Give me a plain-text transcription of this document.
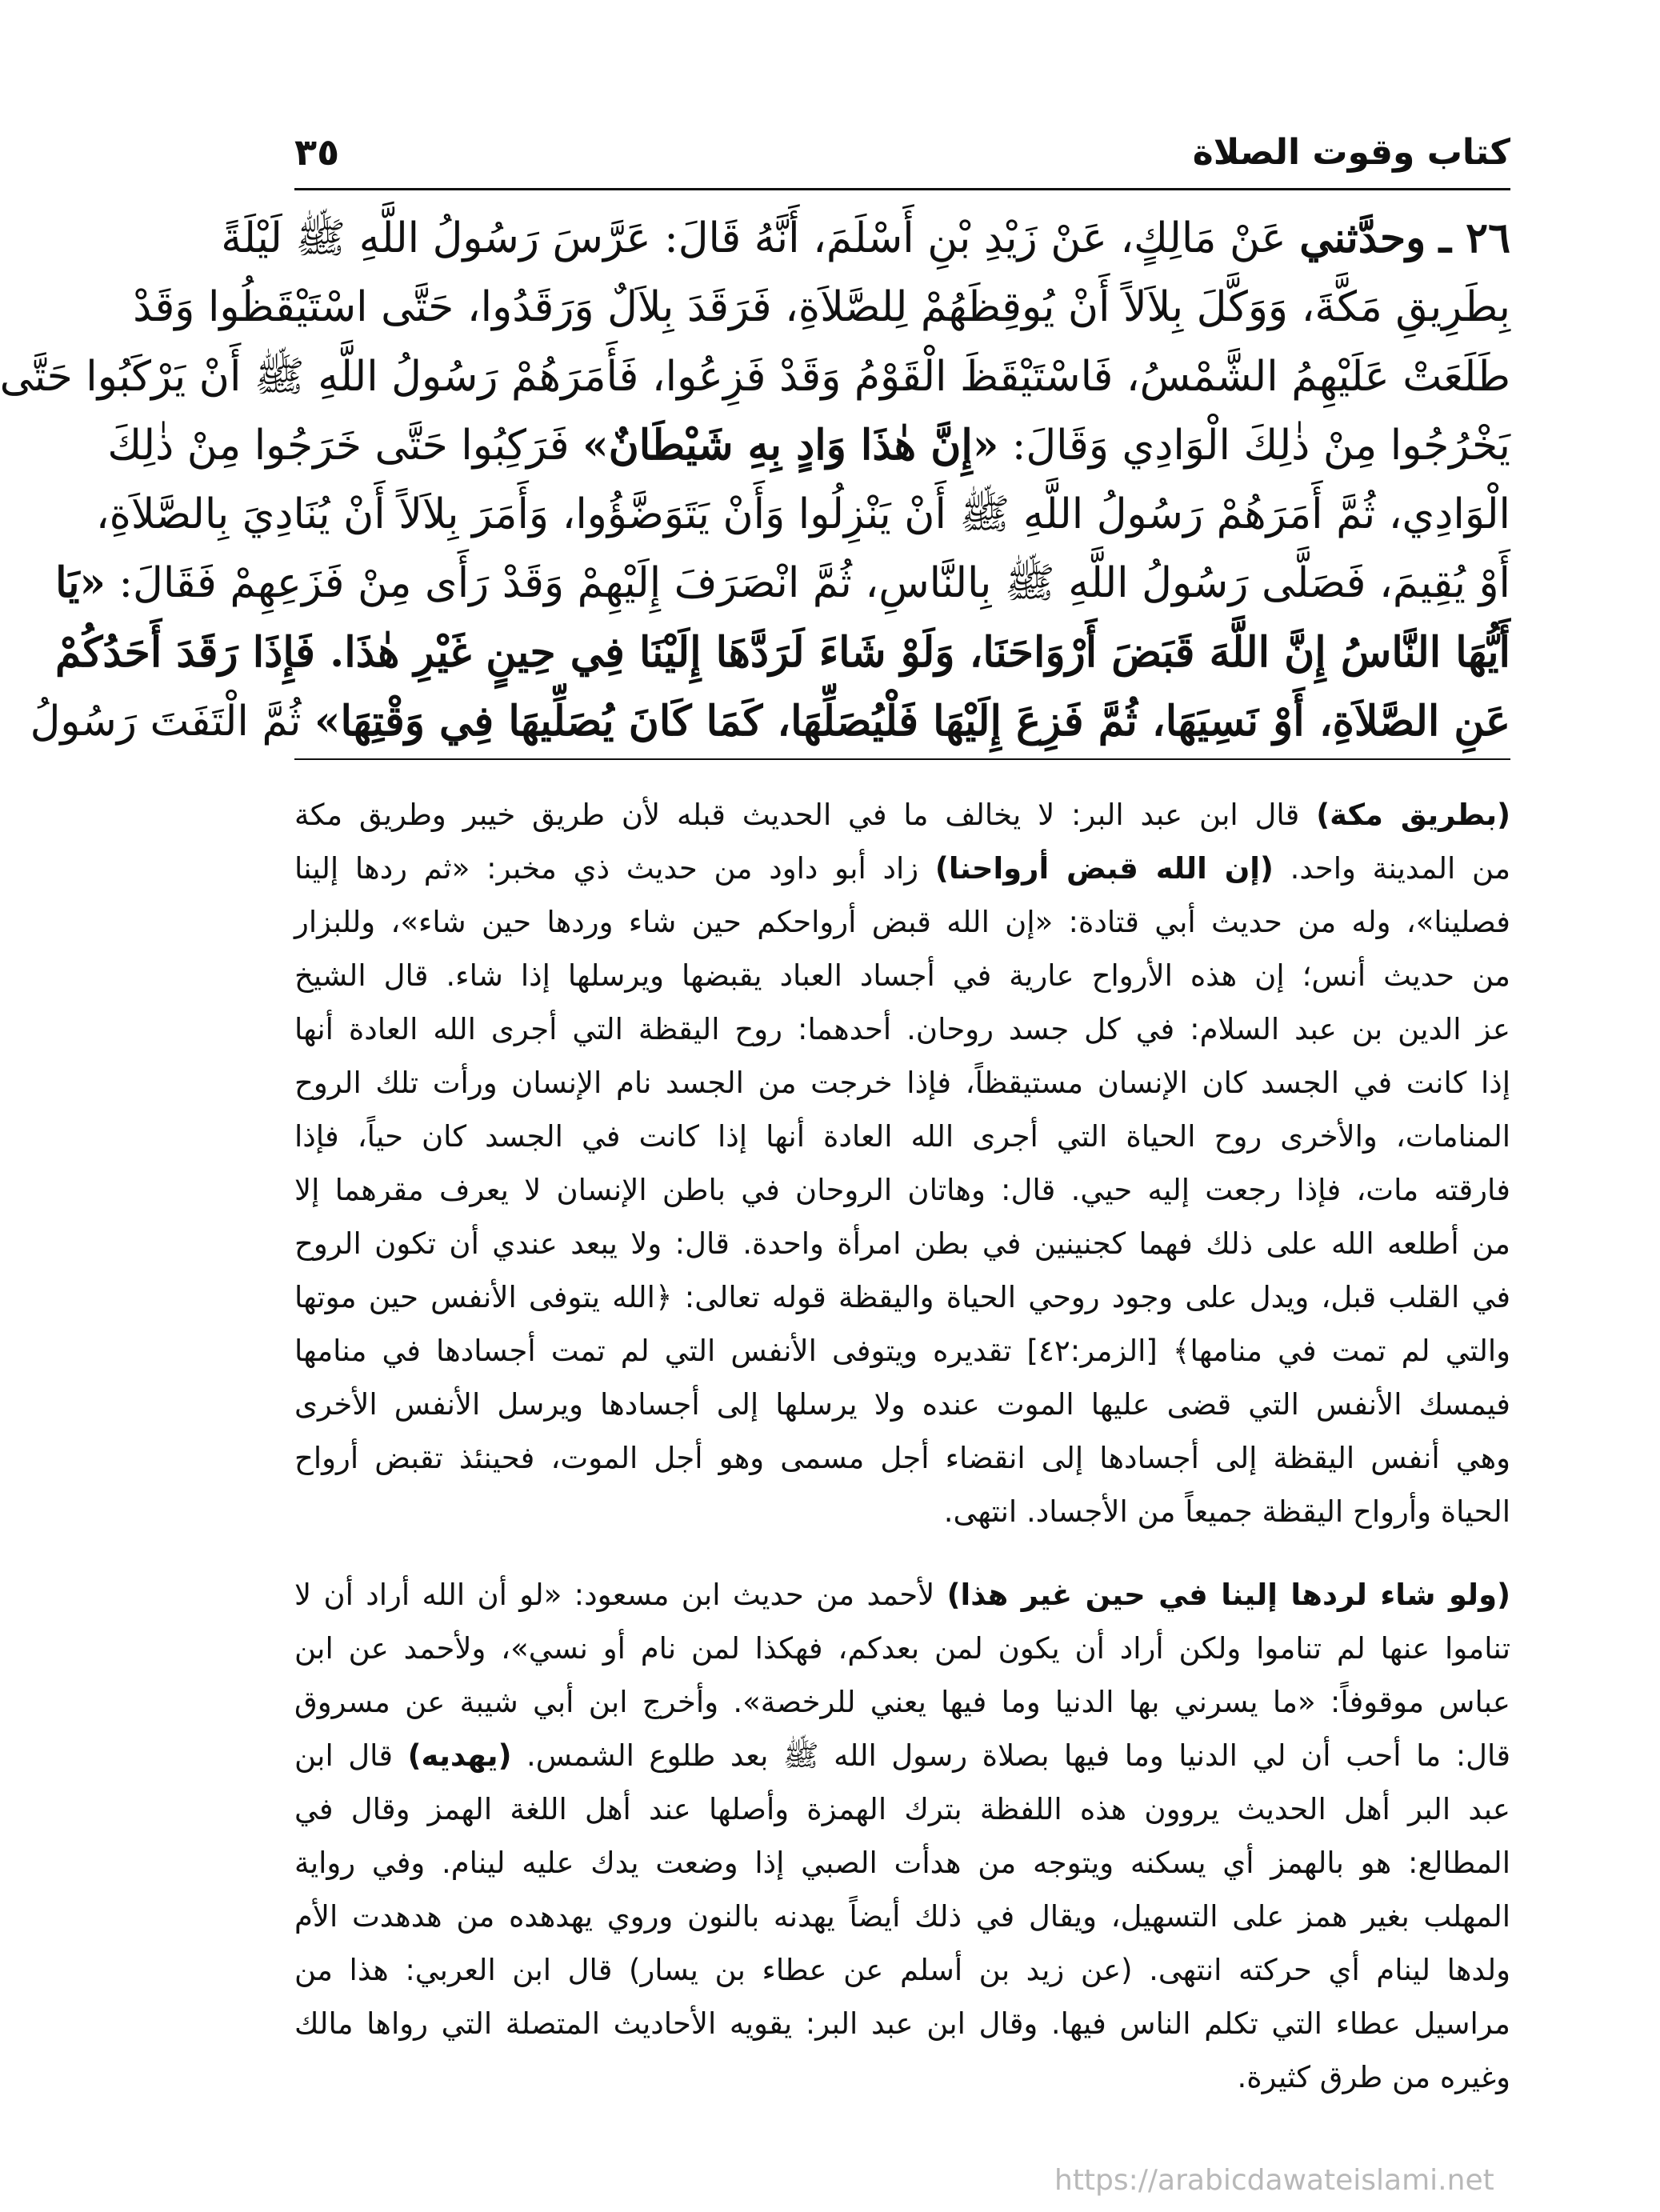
كتاب وقوت الصلاة
٣٥
٢٦ ـ وحدَّثني عَنْ مَالِكٍ، عَنْ زَيْدِ بْنِ أَسْلَمَ، أَنَّهُ قَالَ: عَرَّسَ رَسُولُ اللَّهِ ﷺ لَيْلَةً
بِطَرِيقِ مَكَّةَ، وَوَكَّلَ بِلاَلاً أَنْ يُوقِظَهُمْ لِلصَّلاَةِ، فَرَقَدَ بِلاَلٌ وَرَقَدُوا، حَتَّى اسْتَيْقَظُوا وَقَدْ
طَلَعَتْ عَلَيْهِمُ الشَّمْسُ، فَاسْتَيْقَظَ الْقَوْمُ وَقَدْ فَزِعُوا، فَأَمَرَهُمْ رَسُولُ اللَّهِ ﷺ أَنْ يَرْكَبُوا حَتَّى
يَخْرُجُوا مِنْ ذٰلِكَ الْوَادِي وَقَالَ: «إِنَّ هٰذَا وَادٍ بِهِ شَيْطَانٌ» فَرَكِبُوا حَتَّى خَرَجُوا مِنْ ذٰلِكَ
الْوَادِي، ثُمَّ أَمَرَهُمْ رَسُولُ اللَّهِ ﷺ أَنْ يَنْزِلُوا وَأَنْ يَتَوَضَّؤُوا، وَأَمَرَ بِلاَلاً أَنْ يُنَادِيَ بِالصَّلاَةِ،
أَوْ يُقِيمَ، فَصَلَّى رَسُولُ اللَّهِ ﷺ بِالنَّاسِ، ثُمَّ انْصَرَفَ إِلَيْهِمْ وَقَدْ رَأَى مِنْ فَزَعِهِمْ فَقَالَ: «يَا
أَيُّهَا النَّاسُ إِنَّ اللَّهَ قَبَضَ أَرْوَاحَنَا، وَلَوْ شَاءَ لَرَدَّهَا إِلَيْنَا فِي حِينٍ غَيْرِ هٰذَا. فَإِذَا رَقَدَ أَحَدُكُمْ
عَنِ الصَّلاَةِ، أَوْ نَسِيَهَا، ثُمَّ فَزِعَ إِلَيْهَا فَلْيُصَلِّهَا، كَمَا كَانَ يُصَلِّيهَا فِي وَقْتِهَا» ثُمَّ الْتَفَتَ رَسُولُ
(بطريق مكة) قال ابن عبد البر: لا يخالف ما في الحديث قبله لأن طريق خيبر وطريق مكة
من المدينة واحد. (إن الله قبض أرواحنا) زاد أبو داود من حديث ذي مخبر: «ثم ردها إلينا
فصلينا»، وله من حديث أبي قتادة: «إن الله قبض أرواحكم حين شاء وردها حين شاء»، وللبزار
من حديث أنس؛ إن هذه الأرواح عارية في أجساد العباد يقبضها ويرسلها إذا شاء. قال الشيخ
عز الدين بن عبد السلام: في كل جسد روحان. أحدهما: روح اليقظة التي أجرى الله العادة أنها
إذا كانت في الجسد كان الإنسان مستيقظاً، فإذا خرجت من الجسد نام الإنسان ورأت تلك الروح
المنامات، والأخرى روح الحياة التي أجرى الله العادة أنها إذا كانت في الجسد كان حياً، فإذا
فارقته مات، فإذا رجعت إليه حيي. قال: وهاتان الروحان في باطن الإنسان لا يعرف مقرهما إلا
من أطلعه الله على ذلك فهما كجنينين في بطن امرأة واحدة. قال: ولا يبعد عندي أن تكون الروح
في القلب قبل، ويدل على وجود روحي الحياة واليقظة قوله تعالى: ﴿الله يتوفى الأنفس حين موتها
والتي لم تمت في منامها﴾ [الزمر:٤٢] تقديره ويتوفى الأنفس التي لم تمت أجسادها في منامها
فيمسك الأنفس التي قضى عليها الموت عنده ولا يرسلها إلى أجسادها ويرسل الأنفس الأخرى
وهي أنفس اليقظة إلى أجسادها إلى انقضاء أجل مسمى وهو أجل الموت، فحينئذ تقبض أرواح
الحياة وأرواح اليقظة جميعاً من الأجساد. انتهى.
(ولو شاء لردها إلينا في حين غير هذا) لأحمد من حديث ابن مسعود: «لو أن الله أراد أن لا
تناموا عنها لم تناموا ولكن أراد أن يكون لمن بعدكم، فهكذا لمن نام أو نسي»، ولأحمد عن ابن
عباس موقوفاً: «ما يسرني بها الدنيا وما فيها يعني للرخصة». وأخرج ابن أبي شيبة عن مسروق
قال: ما أحب أن لي الدنيا وما فيها بصلاة رسول الله ﷺ بعد طلوع الشمس. (يهديه) قال ابن
عبد البر أهل الحديث يروون هذه اللفظة بترك الهمزة وأصلها عند أهل اللغة الهمز وقال في
المطالع: هو بالهمز أي يسكنه ويتوجه من هدأت الصبي إذا وضعت يدك عليه لينام. وفي رواية
المهلب بغير همز على التسهيل، ويقال في ذلك أيضاً يهدنه بالنون وروي يهدهده من هدهدت الأم
ولدها لينام أي حركته انتهى. (عن زيد بن أسلم عن عطاء بن يسار) قال ابن العربي: هذا من
مراسيل عطاء التي تكلم الناس فيها. وقال ابن عبد البر: يقويه الأحاديث المتصلة التي رواها مالك
وغيره من طرق كثيرة.
https://arabicdawateislami.net
